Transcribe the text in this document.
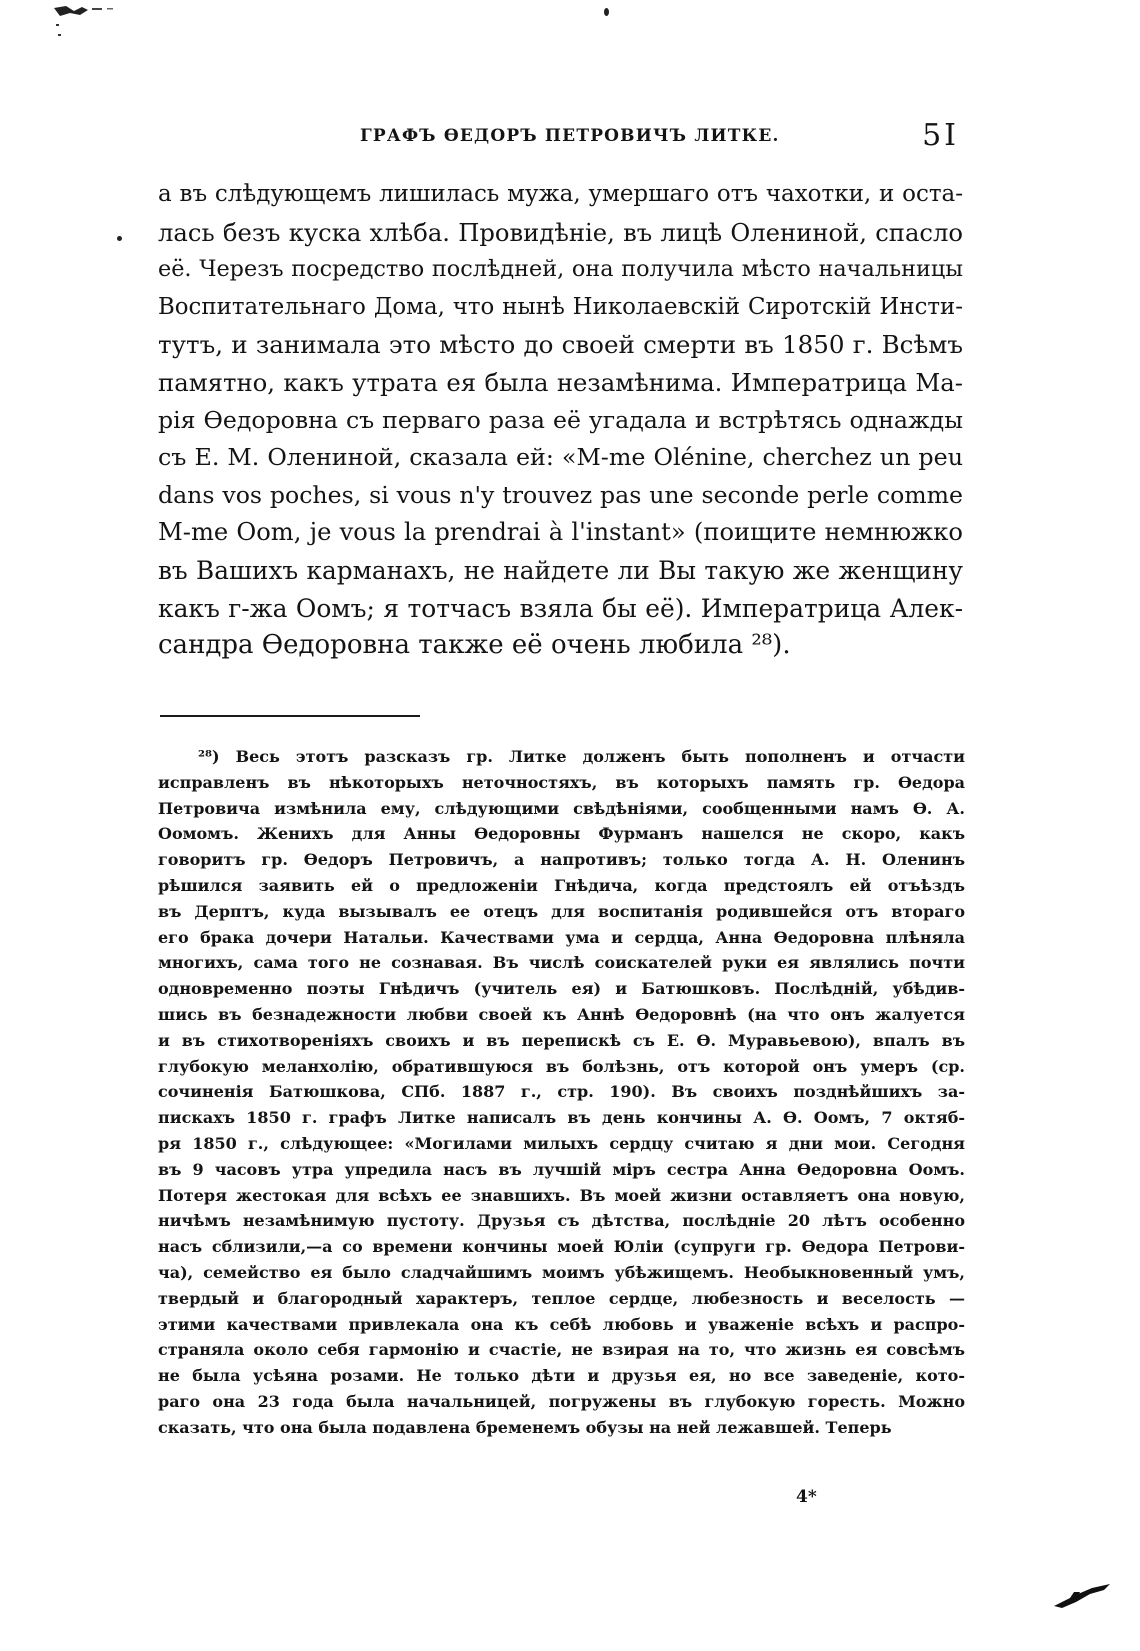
ГРАФЪ ѲЕДОРЪ ПЕТРОВИЧЪ ЛИТКЕ.	5I

а въ слѣдующемъ лишилась мужа, умершаго отъ чахотки, и оста-
лась безъ куска хлѣба. Провидѣніе, въ лицѣ Олениной, спасло
её. Черезъ посредство послѣдней, она получила мѣсто начальницы
Воспитательнаго Дома, что нынѣ Николаевскій Сиротскій Инсти-
тутъ, и занимала это мѣсто до своей смерти въ 1850 г. Всѣмъ
памятно, какъ утрата ея была незамѣнима. Императрица Ма-
рія Ѳедоровна съ перваго раза её угадала и встрѣтясь однажды
съ Е. М. Олениной, сказала ей: «M-me Olénine, cherchez un peu
dans vos poches, si vous n'y trouvez pas une seconde perle comme
M-me Oom, je vous la prendrai à l'instant» (поищите немнюжко
въ Вашихъ карманахъ, не найдете ли Вы такую же женщину
какъ г-жа Оомъ; я тотчасъ взяла бы её). Императрица Алек-
сандра Ѳедоровна также её очень любила ²⁸).

²⁸) Весь этотъ разсказъ гр. Литке долженъ быть пополненъ и отчасти
исправленъ въ нѣкоторыхъ неточностяхъ, въ которыхъ память гр. Ѳедора
Петровича измѣнила ему, слѣдующими свѣдѣніями, сообщенными намъ Ѳ. А.
Оомомъ. Женихъ для Анны Ѳедоровны Фурманъ нашелся не скоро, какъ
говоритъ гр. Ѳедоръ Петровичъ, а напротивъ; только тогда А. Н. Оленинъ
рѣшился заявить ей о предложеніи Гнѣдича, когда предстоялъ ей отъѣздъ
въ Дерптъ, куда вызывалъ ее отецъ для воспитанія родившейся отъ втораго
его брака дочери Натальи. Качествами ума и сердца, Анна Ѳедоровна плѣняла
многихъ, сама того не сознавая. Въ числѣ соискателей руки ея являлись почти
одновременно поэты Гнѣдичъ (учитель ея) и Батюшковъ. Послѣдній, убѣдив-
шись въ безнадежности любви своей къ Аннѣ Ѳедоровнѣ (на что онъ жалуется
и въ стихотвореніяхъ своихъ и въ перепискѣ съ Е. Ѳ. Муравьевою), впалъ въ
глубокую меланхолію, обратившуюся въ болѣзнь, отъ которой онъ умеръ (ср.
сочиненія Батюшкова, СПб. 1887 г., стр. 190). Въ своихъ позднѣйшихъ за-
пискахъ 1850 г. графъ Литке написалъ въ день кончины А. Ѳ. Оомъ, 7 октяб-
ря 1850 г., слѣдующее: «Могилами милыхъ сердцу считаю я дни мои. Сегодня
въ 9 часовъ утра упредила насъ въ лучшій міръ сестра Анна Ѳедоровна Оомъ.
Потеря жестокая для всѣхъ ее знавшихъ. Въ моей жизни оставляетъ она новую,
ничѣмъ незамѣнимую пустоту. Друзья съ дѣтства, послѣдніе 20 лѣтъ особенно
насъ сблизили,—а со времени кончины моей Юліи (супруги гр. Ѳедора Петрови-
ча), семейство ея было сладчайшимъ моимъ убѣжищемъ. Необыкновенный умъ,
твердый и благородный характеръ, теплое сердце, любезность и веселость —
этими качествами привлекала она къ себѣ любовь и уваженіе всѣхъ и распро-
страняла около себя гармонію и счастіе, не взирая на то, что жизнь ея совсѣмъ
не была усѣяна розами. Не только дѣти и друзья ея, но все заведеніе, кото-
раго она 23 года была начальницей, погружены въ глубокую горесть. Можно
сказать, что она была подавлена бременемъ обузы на ней лежавшей. Теперь

4*
